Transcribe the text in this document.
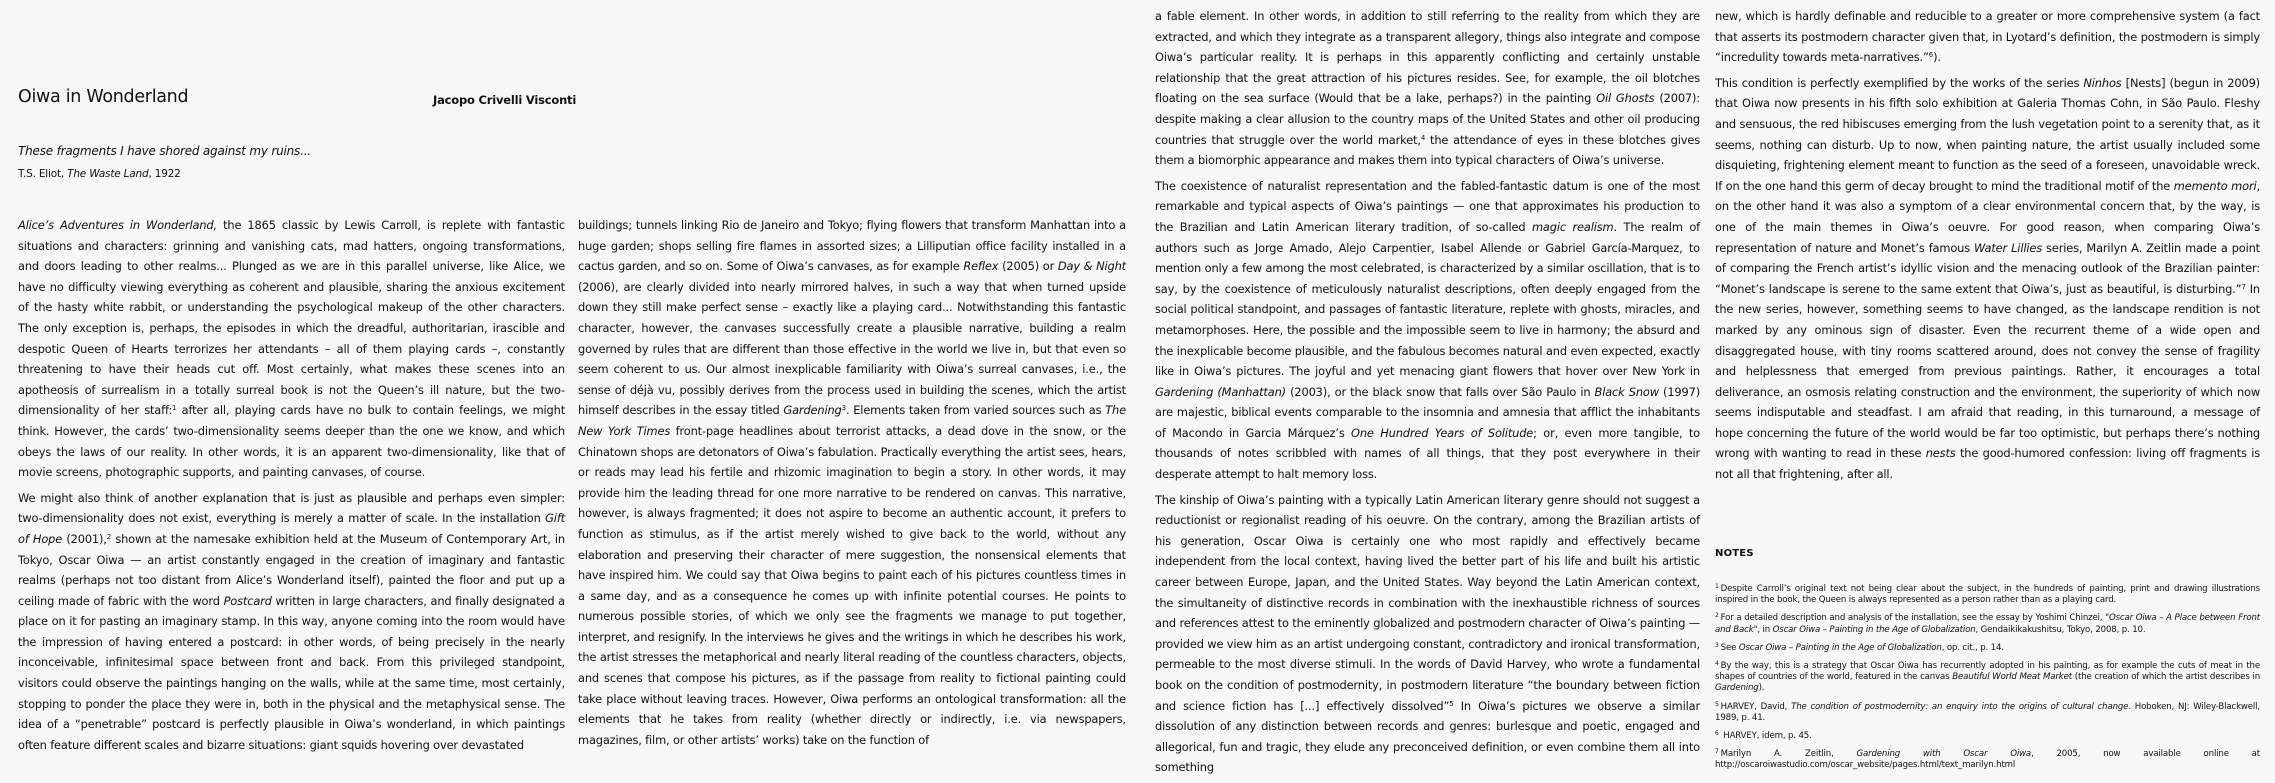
Oiwa in Wonderland	Jacopo Crivelli Visconti
These fragments I have shored against my ruins...
T.S. Eliot, The Waste Land, 1922

Alice’s Adventures in Wonderland, the 1865 classic by Lewis Carroll, is replete with fantastic situations and characters: grinning and vanishing cats, mad hatters, ongoing transformations, and doors leading to other realms... Plunged as we are in this parallel universe, like Alice, we have no difficulty viewing everything as coherent and plausible, sharing the anxious excitement of the hasty white rabbit, or understanding the psychological makeup of the other characters. The only exception is, perhaps, the episodes in which the dreadful, authoritarian, irascible and despotic Queen of Hearts terrorizes her attendants – all of them playing cards –, constantly threatening to have their heads cut off. Most certainly, what makes these scenes into an apotheosis of surrealism in a totally surreal book is not the Queen’s ill nature, but the two-dimensionality of her staff:$^1$ after all, playing cards have no bulk to contain feelings, we might think. However, the cards’ two-dimensionality seems deeper than the one we know, and which obeys the laws of our reality. In other words, it is an apparent two-dimensionality, like that of movie screens, photographic supports, and painting canvases, of course.

We might also think of another explanation that is just as plausible and perhaps even simpler: two-dimensionality does not exist, everything is merely a matter of scale. In the installation Gift of Hope (2001),$^2$ shown at the namesake exhibition held at the Museum of Contemporary Art, in Tokyo, Oscar Oiwa — an artist constantly engaged in the creation of imaginary and fantastic realms (perhaps not too distant from Alice’s Wonderland itself), painted the floor and put up a ceiling made of fabric with the word Postcard written in large characters, and finally designated a place on it for pasting an imaginary stamp. In this way, anyone coming into the room would have the impression of having entered a postcard: in other words, of being precisely in the nearly inconceivable, infinitesimal space between front and back. From this privileged standpoint, visitors could observe the paintings hanging on the walls, while at the same time, most certainly, stopping to ponder the place they were in, both in the physical and the metaphysical sense. The idea of a “penetrable” postcard is perfectly plausible in Oiwa’s wonderland, in which paintings often feature different scales and bizarre situations: giant squids hovering over devastated

buildings; tunnels linking Rio de Janeiro and Tokyo; flying flowers that transform Manhattan into a huge garden; shops selling fire flames in assorted sizes; a Lilliputian office facility installed in a cactus garden, and so on. Some of Oiwa’s canvases, as for example Reflex (2005) or Day & Night (2006), are clearly divided into nearly mirrored halves, in such a way that when turned upside down they still make perfect sense – exactly like a playing card... Notwithstanding this fantastic character, however, the canvases successfully create a plausible narrative, building a realm governed by rules that are different than those effective in the world we live in, but that even so seem coherent to us. Our almost inexplicable familiarity with Oiwa’s surreal canvases, i.e., the sense of déjà vu, possibly derives from the process used in building the scenes, which the artist himself describes in the essay titled Gardening$^3$. Elements taken from varied sources such as The New York Times front-page headlines about terrorist attacks, a dead dove in the snow, or the Chinatown shops are detonators of Oiwa’s fabulation. Practically everything the artist sees, hears, or reads may lead his fertile and rhizomic imagination to begin a story. In other words, it may provide him the leading thread for one more narrative to be rendered on canvas. This narrative, however, is always fragmented; it does not aspire to become an authentic account, it prefers to function as stimulus, as if the artist merely wished to give back to the world, without any elaboration and preserving their character of mere suggestion, the nonsensical elements that have inspired him. We could say that Oiwa begins to paint each of his pictures countless times in a same day, and as a consequence he comes up with infinite potential courses. He points to numerous possible stories, of which we only see the fragments we manage to put together, interpret, and resignify. In the interviews he gives and the writings in which he describes his work, the artist stresses the metaphorical and nearly literal reading of the countless characters, objects, and scenes that compose his pictures, as if the passage from reality to fictional painting could take place without leaving traces. However, Oiwa performs an ontological transformation: all the elements that he takes from reality (whether directly or indirectly, i.e. via newspapers, magazines, film, or other artists’ works) take on the function of

a fable element. In other words, in addition to still referring to the reality from which they are extracted, and which they integrate as a transparent allegory, things also integrate and compose Oiwa’s particular reality. It is perhaps in this apparently conflicting and certainly unstable relationship that the great attraction of his pictures resides. See, for example, the oil blotches floating on the sea surface (Would that be a lake, perhaps?) in the painting Oil Ghosts (2007): despite making a clear allusion to the country maps of the United States and other oil producing countries that struggle over the world market,$^4$ the attendance of eyes in these blotches gives them a biomorphic appearance and makes them into typical characters of Oiwa’s universe.

The coexistence of naturalist representation and the fabled-fantastic datum is one of the most remarkable and typical aspects of Oiwa’s paintings — one that approximates his production to the Brazilian and Latin American literary tradition, of so-called magic realism. The realm of authors such as Jorge Amado, Alejo Carpentier, Isabel Allende or Gabriel García-Marquez, to mention only a few among the most celebrated, is characterized by a similar oscillation, that is to say, by the coexistence of meticulously naturalist descriptions, often deeply engaged from the social political standpoint, and passages of fantastic literature, replete with ghosts, miracles, and metamorphoses. Here, the possible and the impossible seem to live in harmony; the absurd and the inexplicable become plausible, and the fabulous becomes natural and even expected, exactly like in Oiwa’s pictures. The joyful and yet menacing giant flowers that hover over New York in Gardening (Manhattan) (2003), or the black snow that falls over São Paulo in Black Snow (1997) are majestic, biblical events comparable to the insomnia and amnesia that afflict the inhabitants of Macondo in Garcia Márquez’s One Hundred Years of Solitude; or, even more tangible, to thousands of notes scribbled with names of all things, that they post everywhere in their desperate attempt to halt memory loss.

The kinship of Oiwa’s painting with a typically Latin American literary genre should not suggest a reductionist or regionalist reading of his oeuvre. On the contrary, among the Brazilian artists of his generation, Oscar Oiwa is certainly one who most rapidly and effectively became independent from the local context, having lived the better part of his life and built his artistic career between Europe, Japan, and the United States. Way beyond the Latin American context, the simultaneity of distinctive records in combination with the inexhaustible richness of sources and references attest to the eminently globalized and postmodern character of Oiwa’s painting — provided we view him as an artist undergoing constant, contradictory and ironical transformation, permeable to the most diverse stimuli. In the words of David Harvey, who wrote a fundamental book on the condition of postmodernity, in postmodern literature “the boundary between fiction and science fiction has [...] effectively dissolved”$^5$ In Oiwa’s pictures we observe a similar dissolution of any distinction between records and genres: burlesque and poetic, engaged and allegorical, fun and tragic, they elude any preconceived definition, or even combine them all into something

new, which is hardly definable and reducible to a greater or more comprehensive system (a fact that asserts its postmodern character given that, in Lyotard’s definition, the postmodern is simply “incredulity towards meta-narratives.”$^6$).

This condition is perfectly exemplified by the works of the series Ninhos [Nests] (begun in 2009) that Oiwa now presents in his fifth solo exhibition at Galeria Thomas Cohn, in São Paulo. Fleshy and sensuous, the red hibiscuses emerging from the lush vegetation point to a serenity that, as it seems, nothing can disturb. Up to now, when painting nature, the artist usually included some disquieting, frightening element meant to function as the seed of a foreseen, unavoidable wreck. If on the one hand this germ of decay brought to mind the traditional motif of the memento mori, on the other hand it was also a symptom of a clear environmental concern that, by the way, is one of the main themes in Oiwa’s oeuvre. For good reason, when comparing Oiwa’s representation of nature and Monet’s famous Water Lillies series, Marilyn A. Zeitlin made a point of comparing the French artist’s idyllic vision and the menacing outlook of the Brazilian painter: “Monet’s landscape is serene to the same extent that Oiwa’s, just as beautiful, is disturbing.”$^7$ In the new series, however, something seems to have changed, as the landscape rendition is not marked by any ominous sign of disaster. Even the recurrent theme of a wide open and disaggregated house, with tiny rooms scattered around, does not convey the sense of fragility and helplessness that emerged from previous paintings. Rather, it encourages a total deliverance, an osmosis relating construction and the environment, the superiority of which now seems indisputable and steadfast. I am afraid that reading, in this turnaround, a message of hope concerning the future of the world would be far too optimistic, but perhaps there’s nothing wrong with wanting to read in these nests the good-humored confession: living off fragments is not all that frightening, after all.

NOTES
$^1$ Despite Carroll’s original text not being clear about the subject, in the hundreds of painting, print and drawing illustrations inspired in the book, the Queen is always represented as a person rather than as a playing card.
$^2$ For a detailed description and analysis of the installation, see the essay by Yoshimi Chinzei, "Oscar Oiwa – A Place between Front and Back", in Oscar Oiwa – Painting in the Age of Globalization, Gendaikikakushitsu, Tokyo, 2008, p. 10.
$^3$ See Oscar Oiwa – Painting in the Age of Globalization, op. cit., p. 14.
$^4$ By the way, this is a strategy that Oscar Oiwa has recurrently adopted in his painting, as for example the cuts of meat in the shapes of countries of the world, featured in the canvas Beautiful World Meat Market (the creation of which the artist describes in Gardening).
$^5$ HARVEY, David, The condition of postmodernity: an enquiry into the origins of cultural change. Hoboken, NJ: Wiley-Blackwell, 1989, p. 41.
$^6$ HARVEY, idem, p. 45.
$^7$ Marilyn A. Zeitlin, Gardening with Oscar Oiwa, 2005, now available online at http://oscaroiwastudio.com/oscar_website/pages.html/text_marilyn.html
